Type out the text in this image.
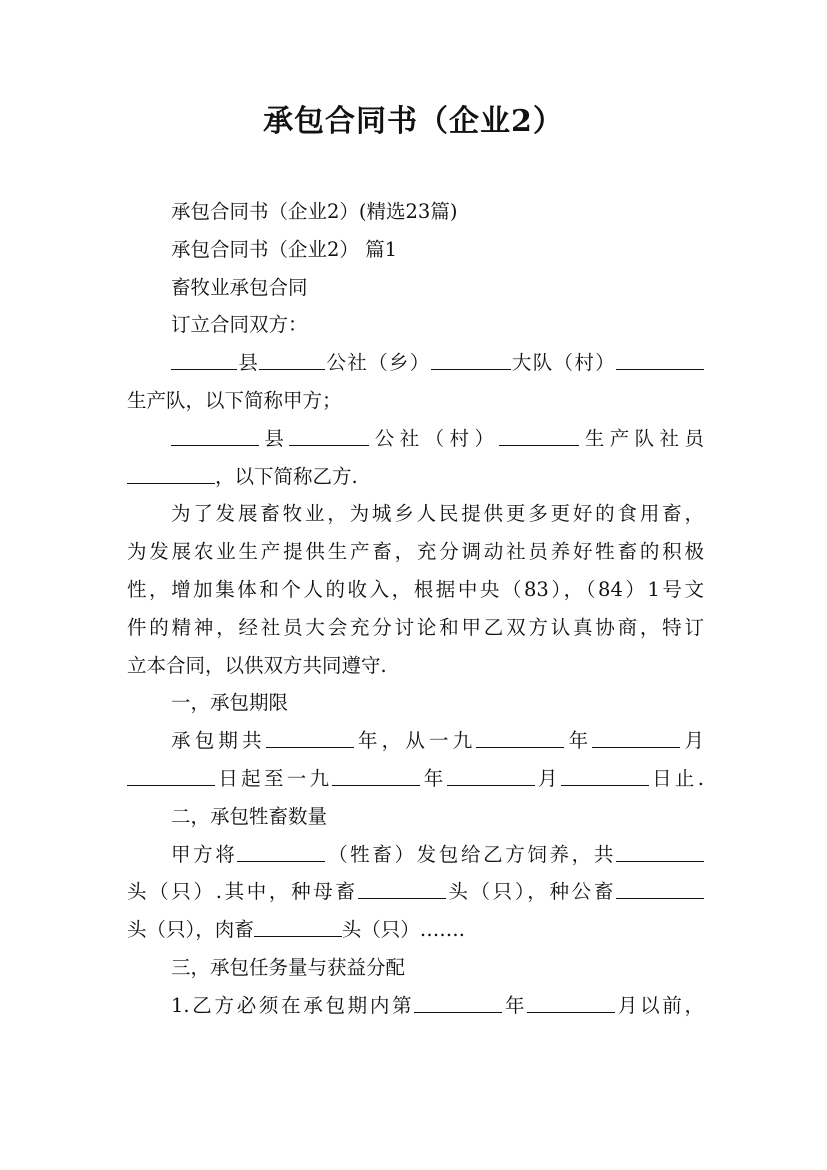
承包合同书（企业2）
承包合同书（企业2）(精选23篇)
承包合同书（企业2） 篇1
畜牧业承包合同
订立合同双方：
县	公社（乡）	大队（村）
生产队，以下简称甲方；
县	公社（村）	生产队社员
，以下简称乙方.
为了发展畜牧业，为城乡人民提供更多更好的食用畜，
为发展农业生产提供生产畜，充分调动社员养好牲畜的积极
性，增加集体和个人的收入，根据中央（83），（84）1号文
件的精神，经社员大会充分讨论和甲乙双方认真协商，特订
立本合同，以供双方共同遵守.
一，承包期限
承包期共	年，从一九	年	月
日起至一九	年	月	日止.
二，承包牲畜数量
甲方将	（牲畜）发包给乙方饲养，共
头（只）.其中，种母畜	头（只），种公畜
头（只），肉畜	头（只）…….
三，承包任务量与获益分配
1.乙方必须在承包期内第	年	月以前，
